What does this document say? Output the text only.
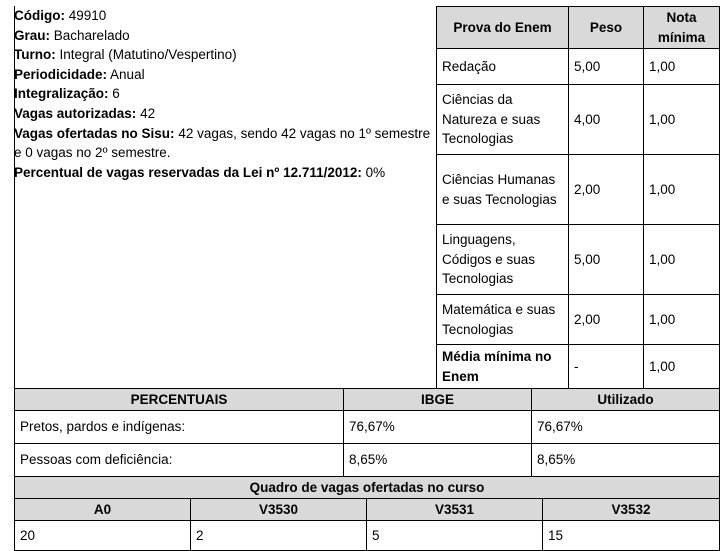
Código: 49910
Grau: Bacharelado
Turno: Integral (Matutino/Vespertino)
Periodicidade: Anual
Integralização: 6
Vagas autorizadas: 42
Vagas ofertadas no Sisu: 42 vagas, sendo 42 vagas no 1º semestre e 0 vagas no 2º semestre.
Percentual de vagas reservadas da Lei nº 12.711/2012: 0%
Prova do Enem	Peso	Nota mínima
Redação	5,00	1,00
Ciências da Natureza e suas Tecnologias	4,00	1,00
Ciências Humanas e suas Tecnologias	2,00	1,00
Linguagens, Códigos e suas Tecnologias	5,00	1,00
Matemática e suas Tecnologias	2,00	1,00
Média mínima no Enem	-	1,00
PERCENTUAIS	IBGE	Utilizado
Pretos, pardos e indígenas:	76,67%	76,67%
Pessoas com deficiência:	8,65%	8,65%
Quadro de vagas ofertadas no curso			
A0	V3530	V3531	V3532
20	2	5	15
